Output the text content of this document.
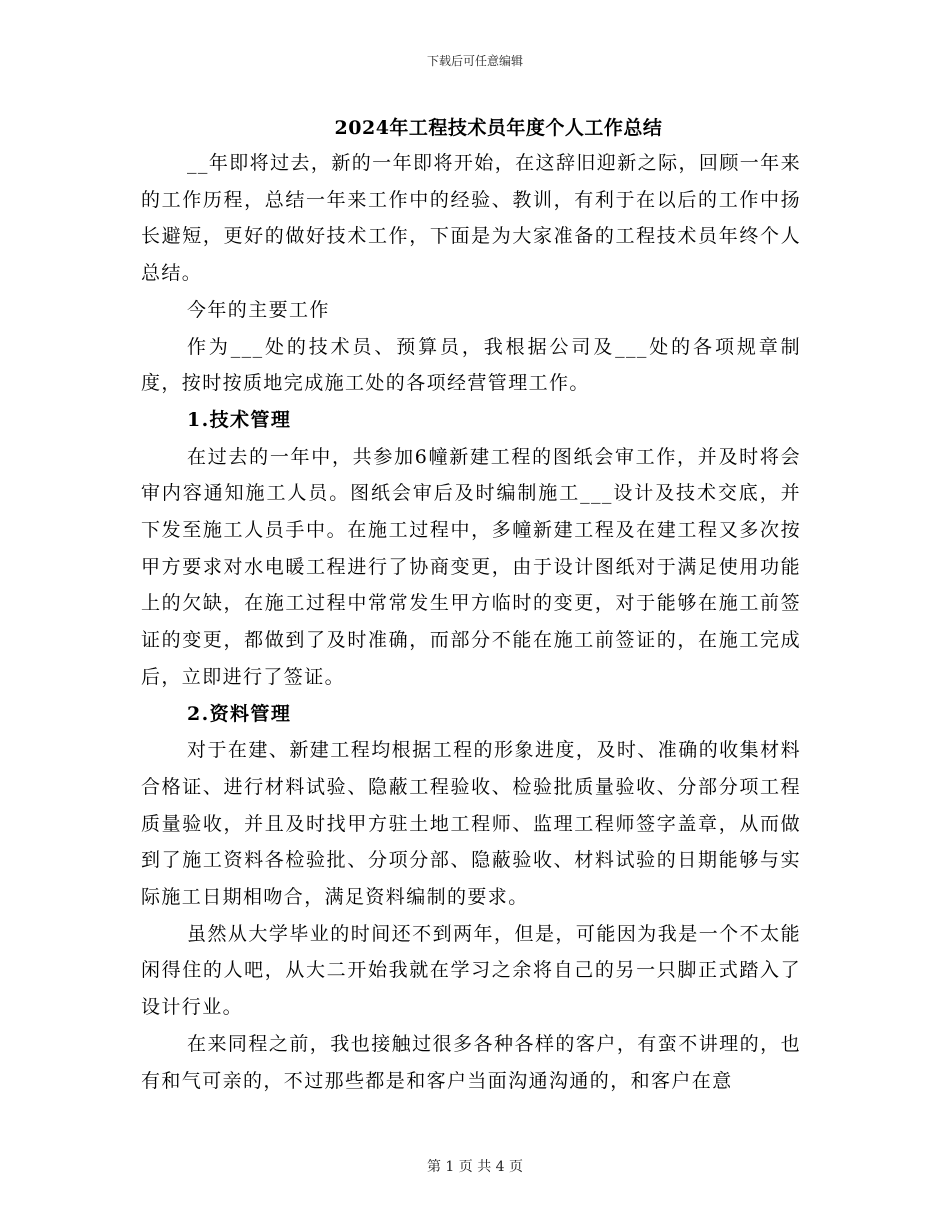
下载后可任意编辑
2024年工程技术员年度个人工作总结

__年即将过去，新的一年即将开始，在这辞旧迎新之际，回顾一年来的工作历程，总结一年来工作中的经验、教训，有利于在以后的工作中扬长避短，更好的做好技术工作，下面是为大家准备的工程技术员年终个人总结。

今年的主要工作

作为___处的技术员、预算员，我根据公司及___处的各项规章制度，按时按质地完成施工处的各项经营管理工作。

1.技术管理

在过去的一年中，共参加6幢新建工程的图纸会审工作，并及时将会审内容通知施工人员。图纸会审后及时编制施工___设计及技术交底，并下发至施工人员手中。在施工过程中，多幢新建工程及在建工程又多次按甲方要求对水电暖工程进行了协商变更，由于设计图纸对于满足使用功能上的欠缺，在施工过程中常常发生甲方临时的变更，对于能够在施工前签证的变更，都做到了及时准确，而部分不能在施工前签证的，在施工完成后，立即进行了签证。

2.资料管理

对于在建、新建工程均根据工程的形象进度，及时、准确的收集材料合格证、进行材料试验、隐蔽工程验收、检验批质量验收、分部分项工程质量验收，并且及时找甲方驻土地工程师、监理工程师签字盖章，从而做到了施工资料各检验批、分项分部、隐蔽验收、材料试验的日期能够与实际施工日期相吻合，满足资料编制的要求。

虽然从大学毕业的时间还不到两年，但是，可能因为我是一个不太能闲得住的人吧，从大二开始我就在学习之余将自己的另一只脚正式踏入了设计行业。

在来同程之前，我也接触过很多各种各样的客户，有蛮不讲理的，也有和气可亲的，不过那些都是和客户当面沟通沟通的，和客户在意

第 1 页 共 4 页
